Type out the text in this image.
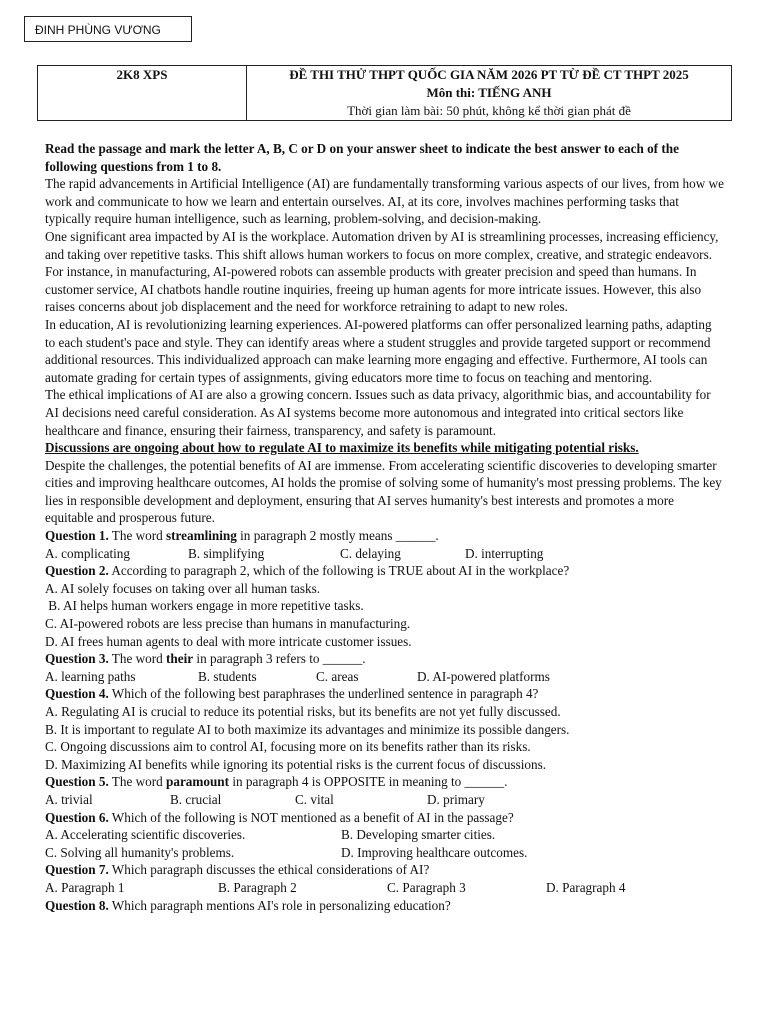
ĐINH PHÙNG VƯƠNG
2K8 XPS	ĐỀ THI THỬ THPT QUỐC GIA NĂM 2026 PT TỪ ĐỀ CT THPT 2025
Môn thi: TIẾNG ANH
Thời gian làm bài: 50 phút, không kể thời gian phát đề

Read the passage and mark the letter A, B, C or D on your answer sheet to indicate the best answer to each of the following questions from 1 to 8.

The rapid advancements in Artificial Intelligence (AI) are fundamentally transforming various aspects of our lives, from how we work and communicate to how we learn and entertain ourselves. AI, at its core, involves machines performing tasks that typically require human intelligence, such as learning, problem-solving, and decision-making.

One significant area impacted by AI is the workplace. Automation driven by AI is streamlining processes, increasing efficiency, and taking over repetitive tasks. This shift allows human workers to focus on more complex, creative, and strategic endeavors. For instance, in manufacturing, AI-powered robots can assemble products with greater precision and speed than humans. In customer service, AI chatbots handle routine inquiries, freeing up human agents for more intricate issues. However, this also raises concerns about job displacement and the need for workforce retraining to adapt to new roles.

In education, AI is revolutionizing learning experiences. AI-powered platforms can offer personalized learning paths, adapting to each student's pace and style. They can identify areas where a student struggles and provide targeted support or recommend additional resources. This individualized approach can make learning more engaging and effective. Furthermore, AI tools can automate grading for certain types of assignments, giving educators more time to focus on teaching and mentoring.

The ethical implications of AI are also a growing concern. Issues such as data privacy, algorithmic bias, and accountability for AI decisions need careful consideration. As AI systems become more autonomous and integrated into critical sectors like healthcare and finance, ensuring their fairness, transparency, and safety is paramount.

Discussions are ongoing about how to regulate AI to maximize its benefits while mitigating potential risks.

Despite the challenges, the potential benefits of AI are immense. From accelerating scientific discoveries to developing smarter cities and improving healthcare outcomes, AI holds the promise of solving some of humanity's most pressing problems. The key lies in responsible development and deployment, ensuring that AI serves humanity's best interests and promotes a more equitable and prosperous future.

Question 1. The word streamlining in paragraph 2 mostly means ______.

A. complicating	B. simplifying	C. delaying	D. interrupting

Question 2. According to paragraph 2, which of the following is TRUE about AI in the workplace?

A. AI solely focuses on taking over all human tasks.

B. AI helps human workers engage in more repetitive tasks.

C. AI-powered robots are less precise than humans in manufacturing.

D. AI frees human agents to deal with more intricate customer issues.

Question 3. The word their in paragraph 3 refers to ______.

A. learning paths	B. students	C. areas	D. AI-powered platforms

Question 4. Which of the following best paraphrases the underlined sentence in paragraph 4?

A. Regulating AI is crucial to reduce its potential risks, but its benefits are not yet fully discussed.

B. It is important to regulate AI to both maximize its advantages and minimize its possible dangers.

C. Ongoing discussions aim to control AI, focusing more on its benefits rather than its risks.

D. Maximizing AI benefits while ignoring its potential risks is the current focus of discussions.

Question 5. The word paramount in paragraph 4 is OPPOSITE in meaning to ______.

A. trivial	B. crucial	C. vital	D. primary

Question 6. Which of the following is NOT mentioned as a benefit of AI in the passage?

A. Accelerating scientific discoveries.	B. Developing smarter cities.
C. Solving all humanity's problems.	D. Improving healthcare outcomes.

Question 7. Which paragraph discusses the ethical considerations of AI?

A. Paragraph 1	B. Paragraph 2	C. Paragraph 3	D. Paragraph 4

Question 8. Which paragraph mentions AI's role in personalizing education?
